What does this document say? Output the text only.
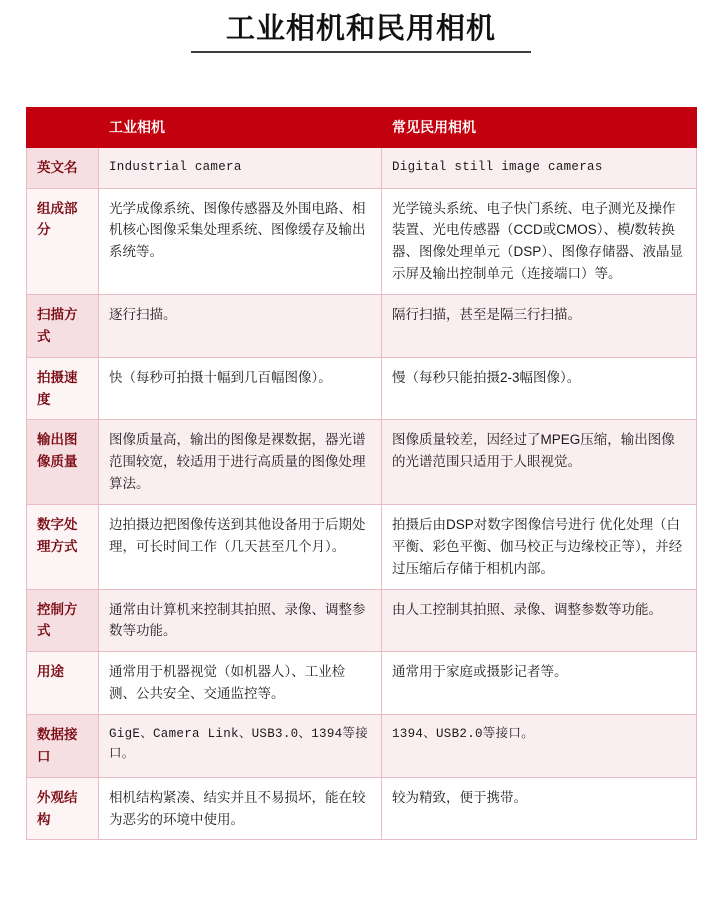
工业相机和民用相机
	工业相机	常见民用相机
英文名	Industrial camera	Digital still image cameras

组成部分	光学成像系统、图像传感器及外围电路、相机核心图像采集处理系统、图像缓存及输出系统等。	光学镜头系统、电子快门系统、电子测光及操作装置、光电传感器（CCD或CMOS）、模/数转换器、图像处理单元（DSP）、图像存储器、液晶显示屏及输出控制单元（连接端口）等。

扫描方式	逐行扫描。	隔行扫描，甚至是隔三行扫描。

拍摄速度	快（每秒可拍摄十幅到几百幅图像）。	慢（每秒只能拍摄2-3幅图像）。

输出图像质量	图像质量高，输出的图像是裸数据，器光谱范围较宽，较适用于进行高质量的图像处理算法。	图像质量较差，因经过了MPEG压缩，输出图像的光谱范围只适用于人眼视觉。

数字处理方式	边拍摄边把图像传送到其他设备用于后期处理，可长时间工作（几天甚至几个月）。	拍摄后由DSP对数字图像信号进行 优化处理（白平衡、彩色平衡、伽马校正与边缘校正等），并经过压缩后存储于相机内部。

控制方式	通常由计算机来控制其拍照、录像、调整参数等功能。	由人工控制其拍照、录像、调整参数等功能。

用途	通常用于机器视觉（如机器人）、工业检测、公共安全、交通监控等。	通常用于家庭或摄影记者等。

数据接口	GigE、Camera Link、USB3.0、1394等接口。	1394、USB2.0等接口。

外观结构	相机结构紧凑、结实并且不易损坏，能在较为恶劣的环境中使用。	较为精致，便于携带。
